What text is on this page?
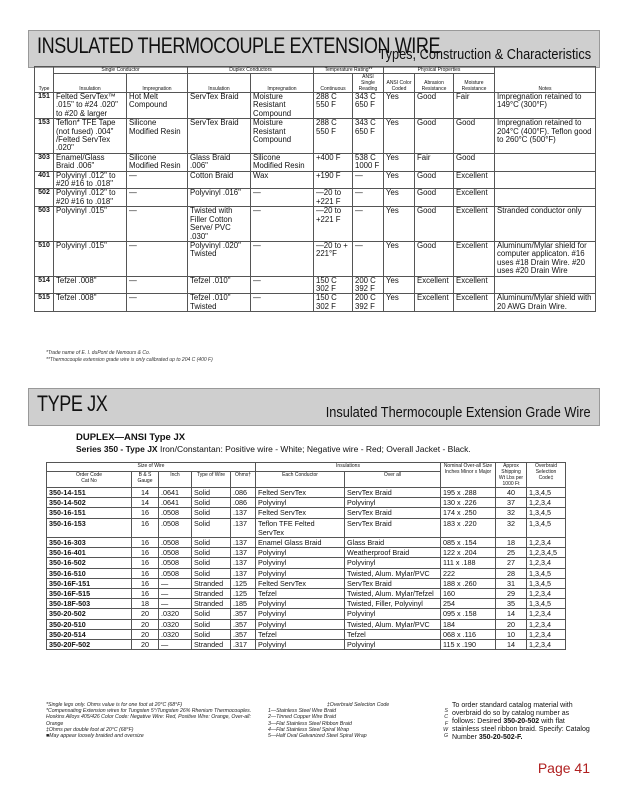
INSULATED THERMOCOUPLE EXTENSION WIRE
Types, Construction & Characteristics
Type	Single Conductor		Duplex Conductors		Temperature Rating**		Physical Properties			Notes
	Insulation	Impregnation	Insulation	Impregnation	Continuous	ANSI Single Reading	ANSI Color Coded	Abrasion Resistance	Moisture Resistance	
151	Felted ServTex™ .015" to #24 .020" to #20 & larger	Hot Melt Compound	ServTex Braid	Moisture Resistant Compound	288 C 550 F	343 C 650 F	Yes	Good	Fair	Impregnation retained to 149°C (300°F)
153	Teflon* TFE Tape (not fused) .004" /Felted ServTex .020"	Silicone Modified Resin	ServTex Braid	Moisture Resistant Compound	288 C 550 F	343 C 650 F	Yes	Good	Good	Impregnation retained to 204°C (400°F). Teflon good to 260°C (500°F)
303	Enamel/Glass Braid .006"	Silicone Modified Resin	Glass Braid .006"	Silicone Modified Resin	+400 F	538 C 1000 F	Yes	Fair	Good	
401	Polyvinyl .012" to #20 #16 to .018"	—	Cotton Braid	Wax	+190 F	—	Yes	Good	Excellent	
502	Polyvinyl .012" to #20 #16 to .018"	—	Polyvinyl .016"	—	—20 to +221 F	—	Yes	Good	Excellent	
503	Polyvinyl .015"	—	Twisted with Filler Cotton Serve/ PVC .030"	—	—20 to +221 F	—	Yes	Good	Excellent	Stranded conductor only
510	Polyvinyl .015"	—	Polyvinyl .020" Twisted	—	—20 to + 221°F	—	Yes	Good	Excellent	Aluminum/Mylar shield for computer applicaton. #16 uses #18 Drain Wire. #20 uses #20 Drain Wire
514	Tefzel .008"	—	Tefzel .010"	—	150 C 302 F	200 C 392 F	Yes	Excellent	Excellent	
515	Tefzel .008"	—	Tefzel .010" Twisted	—	150 C 302 F	200 C 392 F	Yes	Excellent	Excellent	Aluminum/Mylar shield with 20 AWG Drain Wire.
*Trade name of E. I. duPont de Nemours & Co.
**Thermocouple extension grade wire is only calibrated up to 204 C (400 F)
TYPE JX	Insulated Thermocouple Extension Grade Wire
DUPLEX—ANSI Type JX
Series 350 - Type JX Iron/Constantan: Positive wire - White; Negative wire - Red; Overall Jacket - Black.
Size of Wire					Insulations		Nominal Over-all Size Inches Minor x Major	Approx Shipping Wt Lbs per 1000 Ft	Overbraid Selection Code‡
Order Code
Cat No	B & S Gauge	Inch	Type of Wire	Ohms†	Each Conductor	Over all			
350-14-151	14	.0641	Solid	.086	Felted ServTex	ServTex Braid	195 x .288	40	1,3,4,5
350-14-502	14	.0641	Solid	.086	Polyvinyl	Polyvinyl	130 x .226	37	1,2,3,4
350-16-151	16	.0508	Solid	.137	Felted ServTex	ServTex Braid	174 x .250	32	1,3,4,5
350-16-153	16	.0508	Solid	.137	Teflon TFE Felted ServTex	ServTex Braid	183 x .220	32	1,3,4,5
350-16-303	16	.0508	Solid	.137	Enamel Glass Braid	Glass Braid	085 x .154	18	1,2,3,4
350-16-401	16	.0508	Solid	.137	Polyvinyl	Weatherproof Braid	122 x .204	25	1,2,3,4,5
350-16-502	16	.0508	Solid	.137	Polyvinyl	Polyvinyl	111 x .188	27	1,2,3,4
350-16-510	16	.0508	Solid	.137	Polyvinyl	Twisted, Alum. Mylar/PVC	222	28	1,3,4,5
350-16F-151	16	—	Stranded	.125	Felted ServTex	ServTex Braid	188 x .260	31	1,3,4,5
350-16F-515	16	—	Stranded	.125	Tefzel	Twisted, Alum. Mylar/Tefzel	160	29	1,2,3,4
350-18F-503	18	—	Stranded	.185	Polyvinyl	Twisted, Filler, Polyvinyl	254	35	1,3,4,5
350-20-502	20	.0320	Solid	.357	Polyvinyl	Polyvinyl	095 x .158	14	1,2,3,4
350-20-510	20	.0320	Solid	.357	Polyvinyl	Twisted, Alum. Mylar/PVC	184	20	1,2,3,4
350-20-514	20	.0320	Solid	.357	Tefzel	Tefzel	068 x .116	10	1,2,3,4
350-20F-502	20	—	Stranded	.317	Polyvinyl	Polyvinyl	115 x .190	14	1,2,3,4
*Single legs only. Ohms value is for one foot at 20°C (68°F)
*Compensating Extension wires for Tungsten 5°/Tungsten 26% Rhenium Thermocouples. Hoskins Alloys 405/426 Color Code: Negative Wire: Red, Positive Wire: Orange, Over-all: Orange
‡Ohms per double foot at 20°C (68°F)
■May appear loosely braided and oversize
‡Overbraid Selection Code
1—Stainless Steel Wire Braid	S
2—Tinned Copper Wire Braid	C
3—Flat Stainless Steel Ribbon Braid	F
4—Flat Stainless Steel Spiral Wrap	W
5—Half Oval Galvanized Steel Spiral Wrap	G
To order standard catalog material with overbraid do so by catalog number as follows: Desired 350-20-502 with flat stainless steel ribbon braid. Specify: Catalog Number 350-20-502-F.
Page 41
